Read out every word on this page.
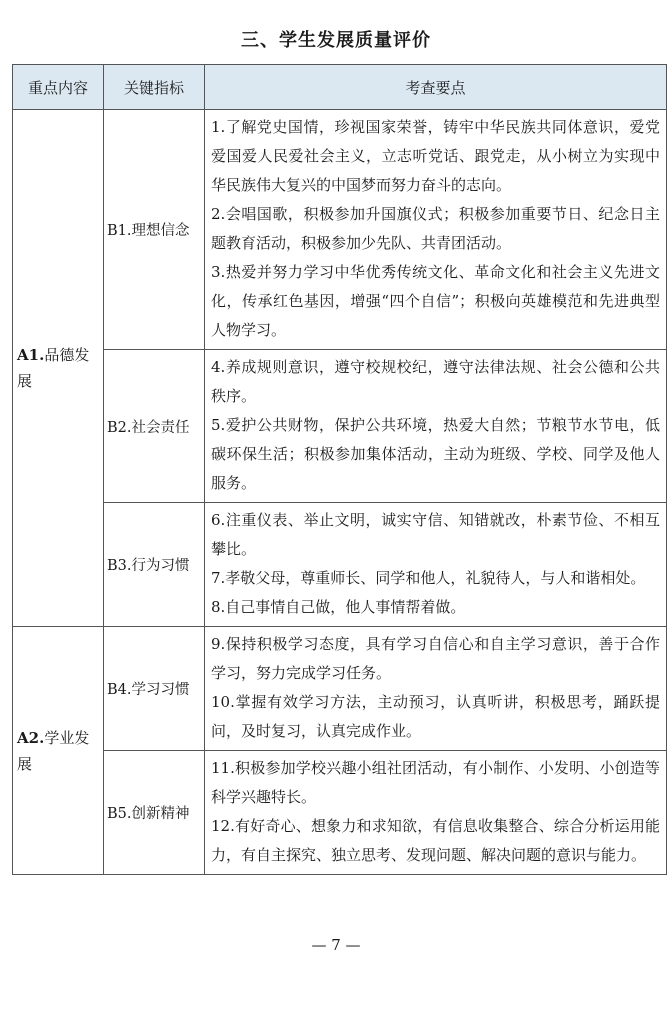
三、学生发展质量评价
重点内容	关键指标	考查要点
A1.品德发展	B1.理想信念	1.了解党史国情，珍视国家荣誉，铸牢中华民族共同体意识，爱党爱国爱人民爱社会主义，立志听党话、跟党走，从小树立为实现中华民族伟大复兴的中国梦而努力奋斗的志向。
2.会唱国歌，积极参加升国旗仪式；积极参加重要节日、纪念日主题教育活动，积极参加少先队、共青团活动。
3.热爱并努力学习中华优秀传统文化、革命文化和社会主义先进文化，传承红色基因，增强“四个自信”；积极向英雄模范和先进典型人物学习。

	B2.社会责任	4.养成规则意识，遵守校规校纪，遵守法律法规、社会公德和公共秩序。
5.爱护公共财物，保护公共环境，热爱大自然；节粮节水节电，低碳环保生活；积极参加集体活动，主动为班级、学校、同学及他人服务。

	B3.行为习惯	6.注重仪表、举止文明，诚实守信、知错就改，朴素节俭、不相互攀比。
7.孝敬父母，尊重师长、同学和他人，礼貌待人，与人和谐相处。
8.自己事情自己做，他人事情帮着做。

A2.学业发展	B4.学习习惯	9.保持积极学习态度，具有学习自信心和自主学习意识，善于合作学习，努力完成学习任务。
10.掌握有效学习方法，主动预习，认真听讲，积极思考，踊跃提问，及时复习，认真完成作业。

	B5.创新精神	11.积极参加学校兴趣小组社团活动，有小制作、小发明、小创造等科学兴趣特长。
12.有好奇心、想象力和求知欲，有信息收集整合、综合分析运用能力，有自主探究、独立思考、发现问题、解决问题的意识与能力。
— 7 —
